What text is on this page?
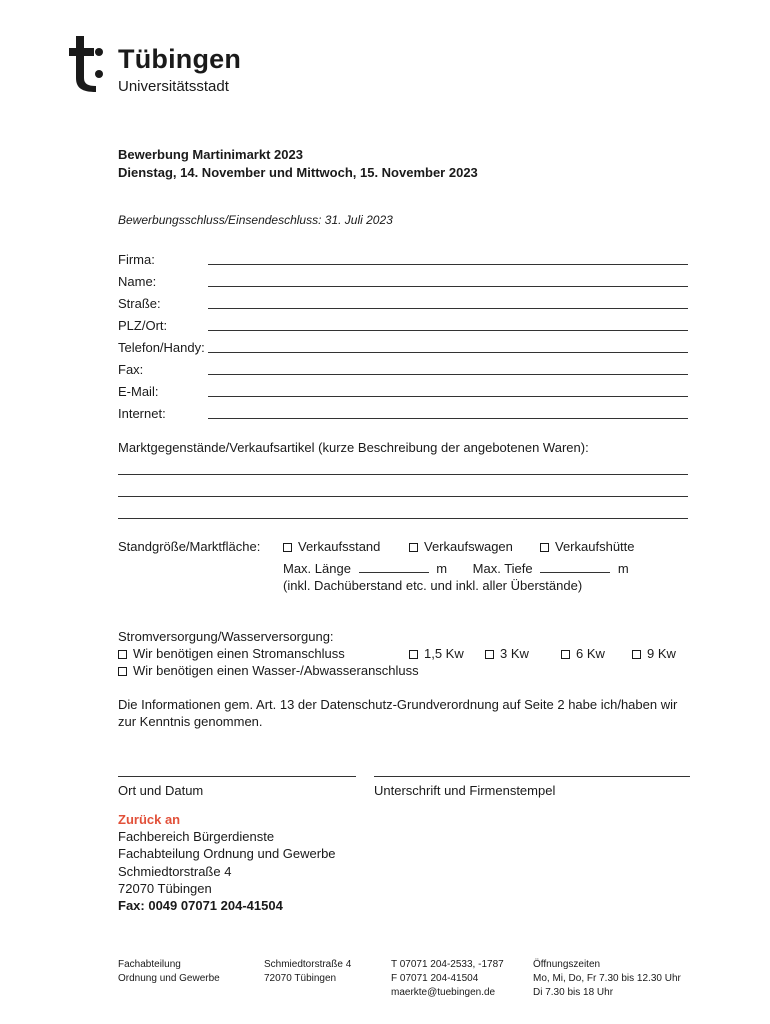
Tübingen
Universitätsstadt
Bewerbung Martinimarkt 2023
Dienstag, 14. November und Mittwoch, 15. November 2023
Bewerbungsschluss/Einsendeschluss: 31. Juli 2023
Firma:
Name:
Straße:
PLZ/Ort:
Telefon/Handy:
Fax:
E-Mail:
Internet:
Marktgegenstände/Verkaufsartikel (kurze Beschreibung der angebotenen Waren):
Standgröße/Marktfläche:	Verkaufsstand	Verkaufswagen	Verkaufshütte
Max. Länge	m Max. Tiefe	m
(inkl. Dachüberstand etc. und inkl. aller Überstände)
Stromversorgung/Wasserversorgung:
Wir benötigen einen Stromanschluss	1,5 Kw	3 Kw	6 Kw	9 Kw
Wir benötigen einen Wasser-/Abwasseranschluss
Die Informationen gem. Art. 13 der Datenschutz-Grundverordnung auf Seite 2 habe ich/haben wir
zur Kenntnis genommen.
Ort und Datum	Unterschrift und Firmenstempel
Zurück an
Fachbereich Bürgerdienste
Fachabteilung Ordnung und Gewerbe
Schmiedtorstraße 4
72070 Tübingen
Fax: 0049 07071 204-41504
Fachabteilung
Ordnung und Gewerbe
Schmiedtorstraße 4
72070 Tübingen
T 07071 204-2533, -1787
F 07071 204-41504
maerkte@tuebingen.de
Öffnungszeiten
Mo, Mi, Do, Fr 7.30 bis 12.30 Uhr
Di 7.30 bis 18 Uhr
